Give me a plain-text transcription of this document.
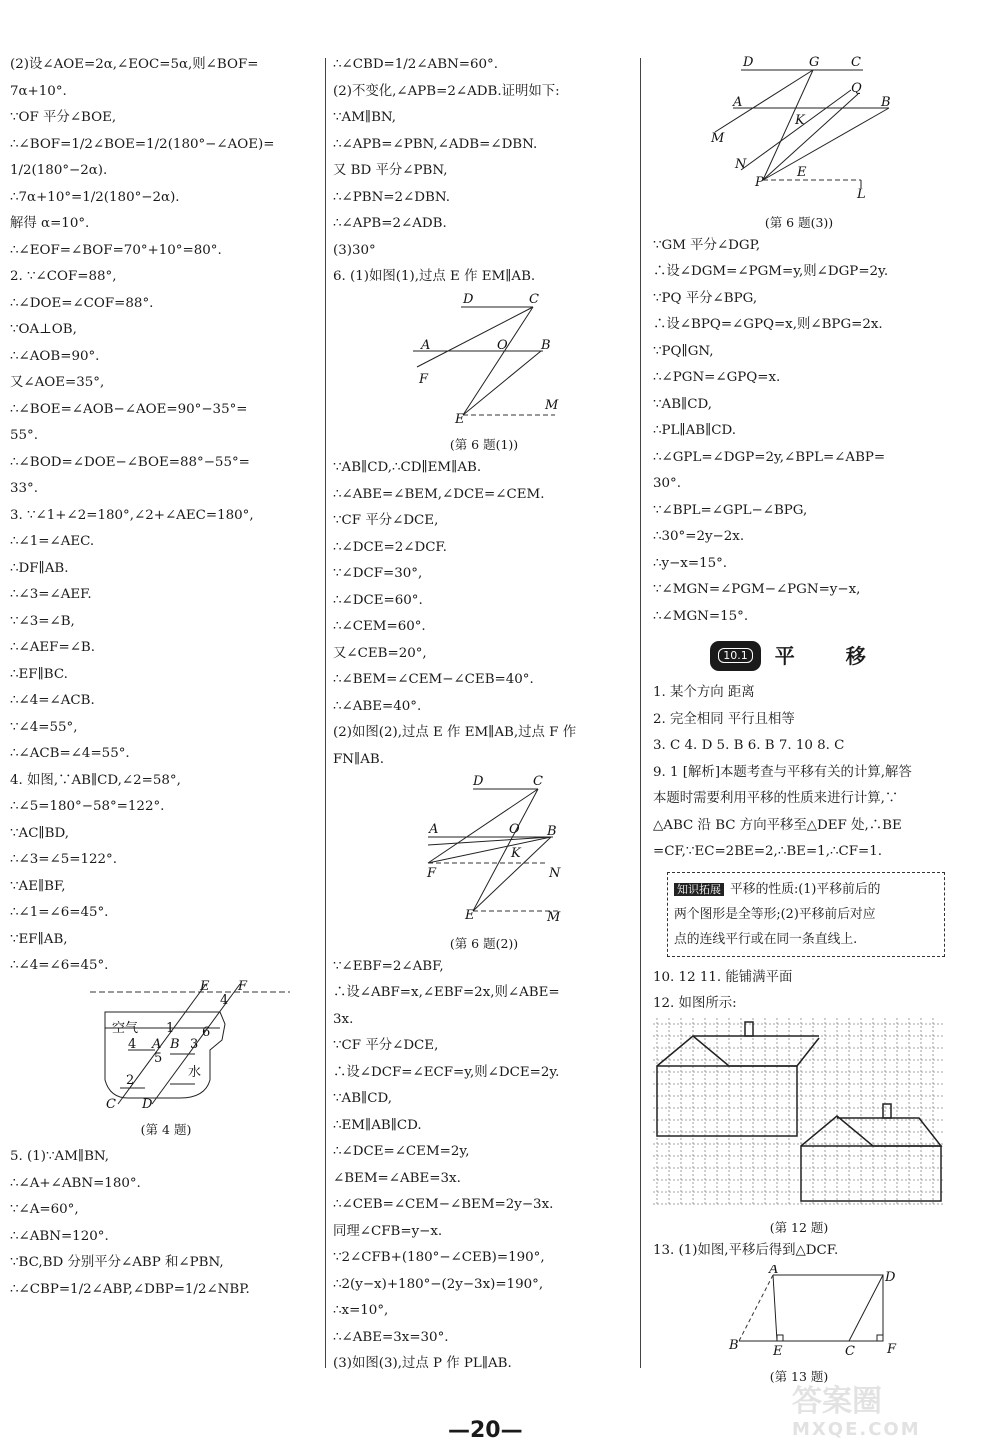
(2)设∠AOE=2α,∠EOC=5α,则∠BOF=
7α+10°.
∵OF 平分∠BOE,
∴∠BOF=1/2∠BOE=1/2(180°−∠AOE)=
1/2(180°−2α).
∴7α+10°=1/2(180°−2α).
解得 α=10°.
∴∠EOF=∠BOF=70°+10°=80°.
2. ∵∠COF=88°,
∴∠DOE=∠COF=88°.
∵OA⊥OB,
∴∠AOB=90°.
又∠AOE=35°,
∴∠BOE=∠AOB−∠AOE=90°−35°=
55°.
∴∠BOD=∠DOE−∠BOE=88°−55°=
33°.
3. ∵∠1+∠2=180°,∠2+∠AEC=180°,
∴∠1=∠AEC.
∴DF∥AB.
∴∠3=∠AEF.
∵∠3=∠B,
∴∠AEF=∠B.
∴EF∥BC.
∴∠4=∠ACB.
∵∠4=55°,
∴∠ACB=∠4=55°.
4. 如图,∵AB∥CD,∠2=58°,
∴∠5=180°−58°=122°.
∵AC∥BD,
∴∠3=∠5=122°.
∵AE∥BF,
∴∠1=∠6=45°.
∵EF∥AB,
∴∠4=∠6=45°.
E F
4
空气 1 6
4 A B 3
5
水
2
C D
(第 4 题)
5. (1)∵AM∥BN,
∴∠A+∠ABN=180°.
∵∠A=60°,
∴∠ABN=120°.
∵BC,BD 分别平分∠ABP 和∠PBN,
∴∠CBP=1/2∠ABP,∠DBP=1/2∠NBP.
∴∠CBD=1/2∠ABN=60°.
(2)不变化,∠APB=2∠ADB.证明如下:
∵AM∥BN,
∴∠APB=∠PBN,∠ADB=∠DBN.
又 BD 平分∠PBN,
∴∠PBN=2∠DBN.
∴∠APB=2∠ADB.
(3)30°
6. (1)如图(1),过点 E 作 EM∥AB.
D	C
A	O	B
F
E
M
(第 6 题(1))
∵AB∥CD,∴CD∥EM∥AB.
∴∠ABE=∠BEM,∠DCE=∠CEM.
∵CF 平分∠DCE,
∴∠DCE=2∠DCF.
∵∠DCF=30°,
∴∠DCE=60°.
∴∠CEM=60°.
又∠CEB=20°,
∴∠BEM=∠CEM−∠CEB=40°.
∴∠ABE=40°.
(2)如图(2),过点 E 作 EM∥AB,过点 F 作
FN∥AB.
D	C
A	O B
K
F	N
E	M
(第 6 题(2))
∵∠EBF=2∠ABF,
∴设∠ABF=x,∠EBF=2x,则∠ABE=
3x.
∵CF 平分∠DCE,
∴设∠DCF=∠ECF=y,则∠DCE=2y.
∵AB∥CD,
∴EM∥AB∥CD.
∴∠DCE=∠CEM=2y,
∠BEM=∠ABE=3x.
∴∠CEB=∠CEM−∠BEM=2y−3x.
同理∠CFB=y−x.
∵2∠CFB+(180°−∠CEB)=190°,
∴2(y−x)+180°−(2y−3x)=190°,
∴x=10°,
∴∠ABE=3x=30°.
(3)如图(3),过点 P 作 PL∥AB.
D	G C
Q
A	B
K
M
N
P
E
L
(第 6 题(3))
∵GM 平分∠DGP,
∴设∠DGM=∠PGM=y,则∠DGP=2y.
∵PQ 平分∠BPG,
∴设∠BPQ=∠GPQ=x,则∠BPG=2x.
∵PQ∥GN,
∴∠PGN=∠GPQ=x.
∵AB∥CD,
∴PL∥AB∥CD.
∴∠GPL=∠DGP=2y,∠BPL=∠ABP=
30°.
∵∠BPL=∠GPL−∠BPG,
∴30°=2y−2x.
∴y−x=15°.
∵∠MGN=∠PGM−∠PGN=y−x,
∴∠MGN=15°.
10.1	平 移
1. 某个方向 距离
2. 完全相同 平行且相等
3. C 4. D 5. B 6. B 7. 10 8. C
9. 1 [解析]本题考查与平移有关的计算,解答
本题时需要利用平移的性质来进行计算,∵
△ABC 沿 BC 方向平移至△DEF 处,∴BE
=CF,∵EC=2BE=2,∴BE=1,∴CF=1.
知识拓展 平移的性质:(1)平移前后的
两个图形是全等形;(2)平移前后对应
点的连线平行或在同一条直线上.
10. 12 11. 能铺满平面
12. 如图所示:
(第 12 题)
13. (1)如图,平移后得到△DCF.
A
D
B	E	C F
(第 13 题)
—20—
答案圈
MXQE.COM
